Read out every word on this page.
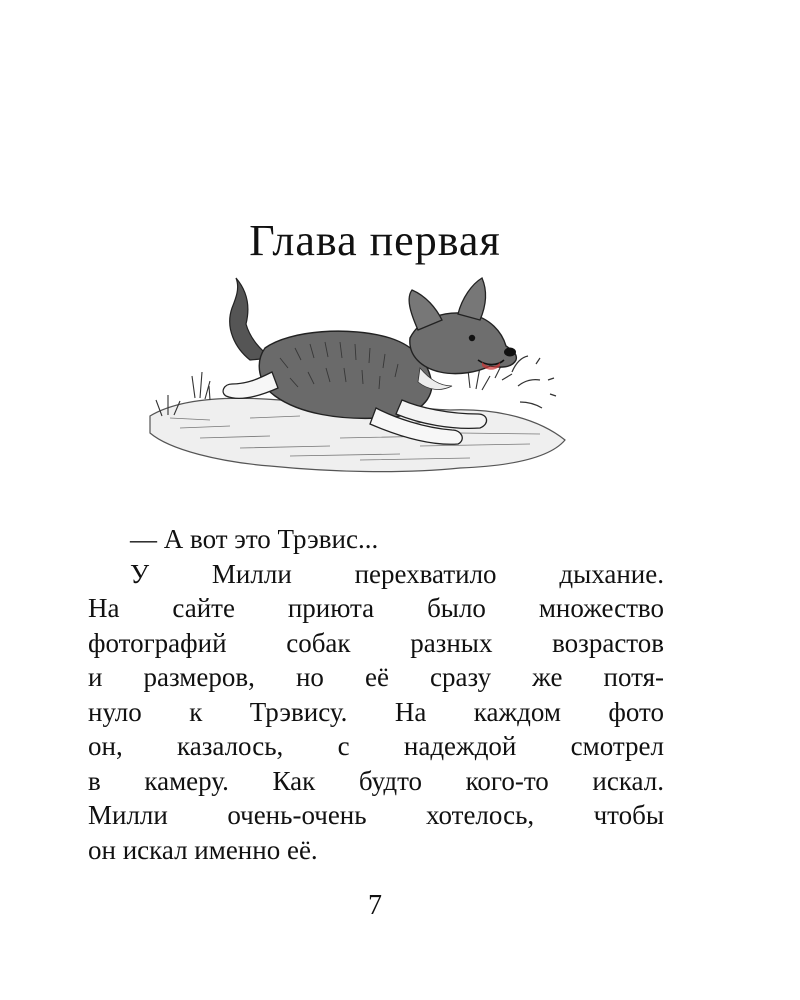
Глава первая
— А вот это Трэвис...
У Милли перехватило дыхание.
На сайте приюта было множество
фотографий собак разных возрастов
и размеров, но её сразу же потя-
нуло к Трэвису. На каждом фото
он, казалось, с надеждой смотрел
в камеру. Как будто кого-то искал.
Милли очень-очень хотелось, чтобы
он искал именно её.
7
